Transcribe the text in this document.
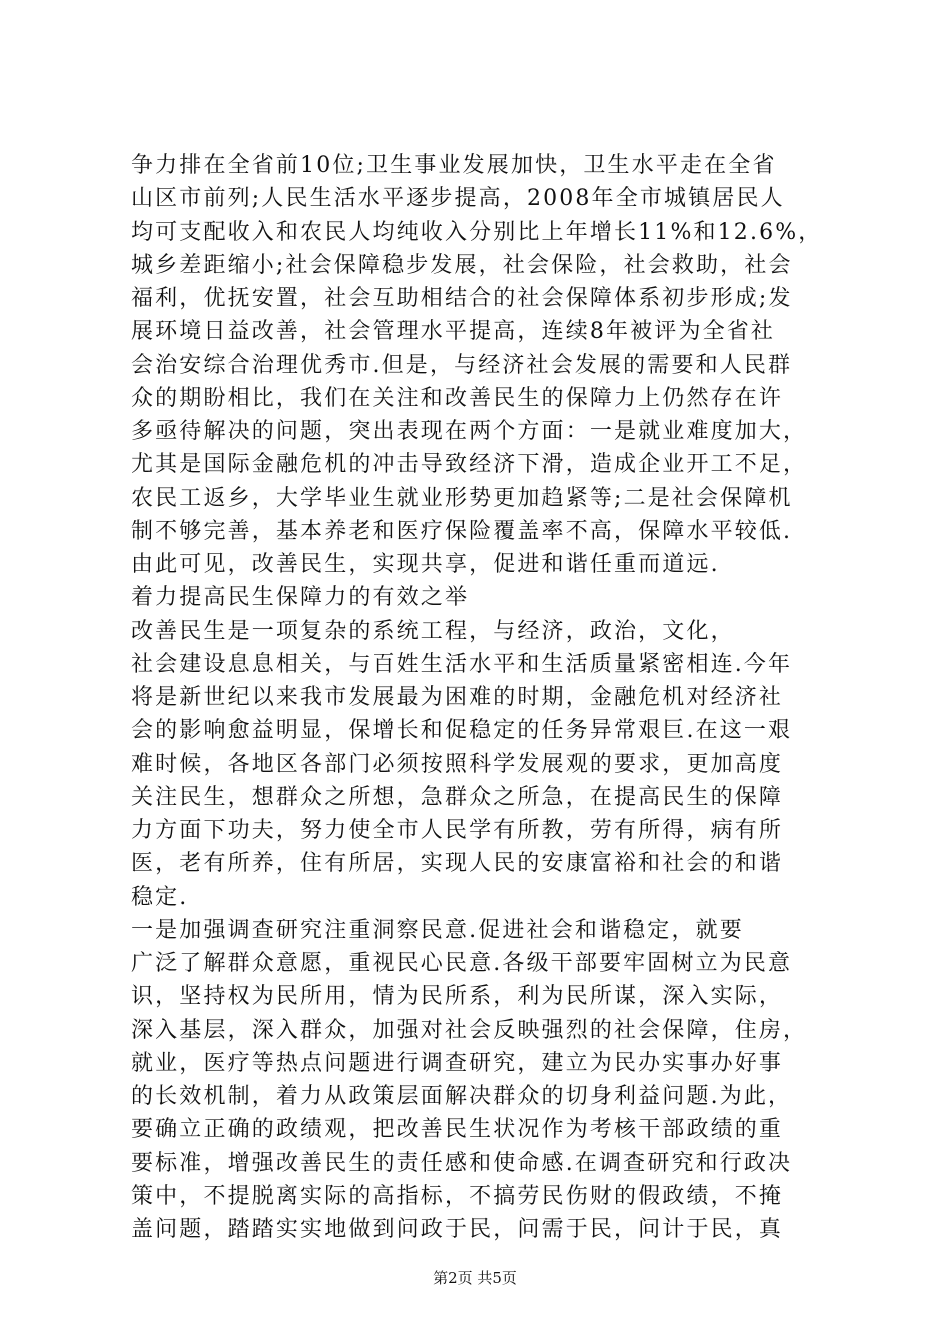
争力排在全省前10位;卫生事业发展加快，卫生水平走在全省
山区市前列;人民生活水平逐步提高，2008年全市城镇居民人
均可支配收入和农民人均纯收入分别比上年增长11%和12.6%，
城乡差距缩小;社会保障稳步发展，社会保险，社会救助，社会
福利，优抚安置，社会互助相结合的社会保障体系初步形成;发
展环境日益改善，社会管理水平提高，连续8年被评为全省社
会治安综合治理优秀市.但是，与经济社会发展的需要和人民群
众的期盼相比，我们在关注和改善民生的保障力上仍然存在许
多亟待解决的问题，突出表现在两个方面：一是就业难度加大，
尤其是国际金融危机的冲击导致经济下滑，造成企业开工不足，
农民工返乡，大学毕业生就业形势更加趋紧等;二是社会保障机
制不够完善，基本养老和医疗保险覆盖率不高，保障水平较低.
由此可见，改善民生，实现共享，促进和谐任重而道远.
着力提高民生保障力的有效之举
改善民生是一项复杂的系统工程，与经济，政治，文化，
社会建设息息相关，与百姓生活水平和生活质量紧密相连.今年
将是新世纪以来我市发展最为困难的时期，金融危机对经济社
会的影响愈益明显，保增长和促稳定的任务异常艰巨.在这一艰
难时候，各地区各部门必须按照科学发展观的要求，更加高度
关注民生，想群众之所想，急群众之所急，在提高民生的保障
力方面下功夫，努力使全市人民学有所教，劳有所得，病有所
医，老有所养，住有所居，实现人民的安康富裕和社会的和谐
稳定.
一是加强调查研究注重洞察民意.促进社会和谐稳定，就要
广泛了解群众意愿，重视民心民意.各级干部要牢固树立为民意
识，坚持权为民所用，情为民所系，利为民所谋，深入实际，
深入基层，深入群众，加强对社会反映强烈的社会保障，住房，
就业，医疗等热点问题进行调查研究，建立为民办实事办好事
的长效机制，着力从政策层面解决群众的切身利益问题.为此，
要确立正确的政绩观，把改善民生状况作为考核干部政绩的重
要标准，增强改善民生的责任感和使命感.在调查研究和行政决
策中，不提脱离实际的高指标，不搞劳民伤财的假政绩，不掩
盖问题，踏踏实实地做到问政于民，问需于民，问计于民，真
第2页 共5页
